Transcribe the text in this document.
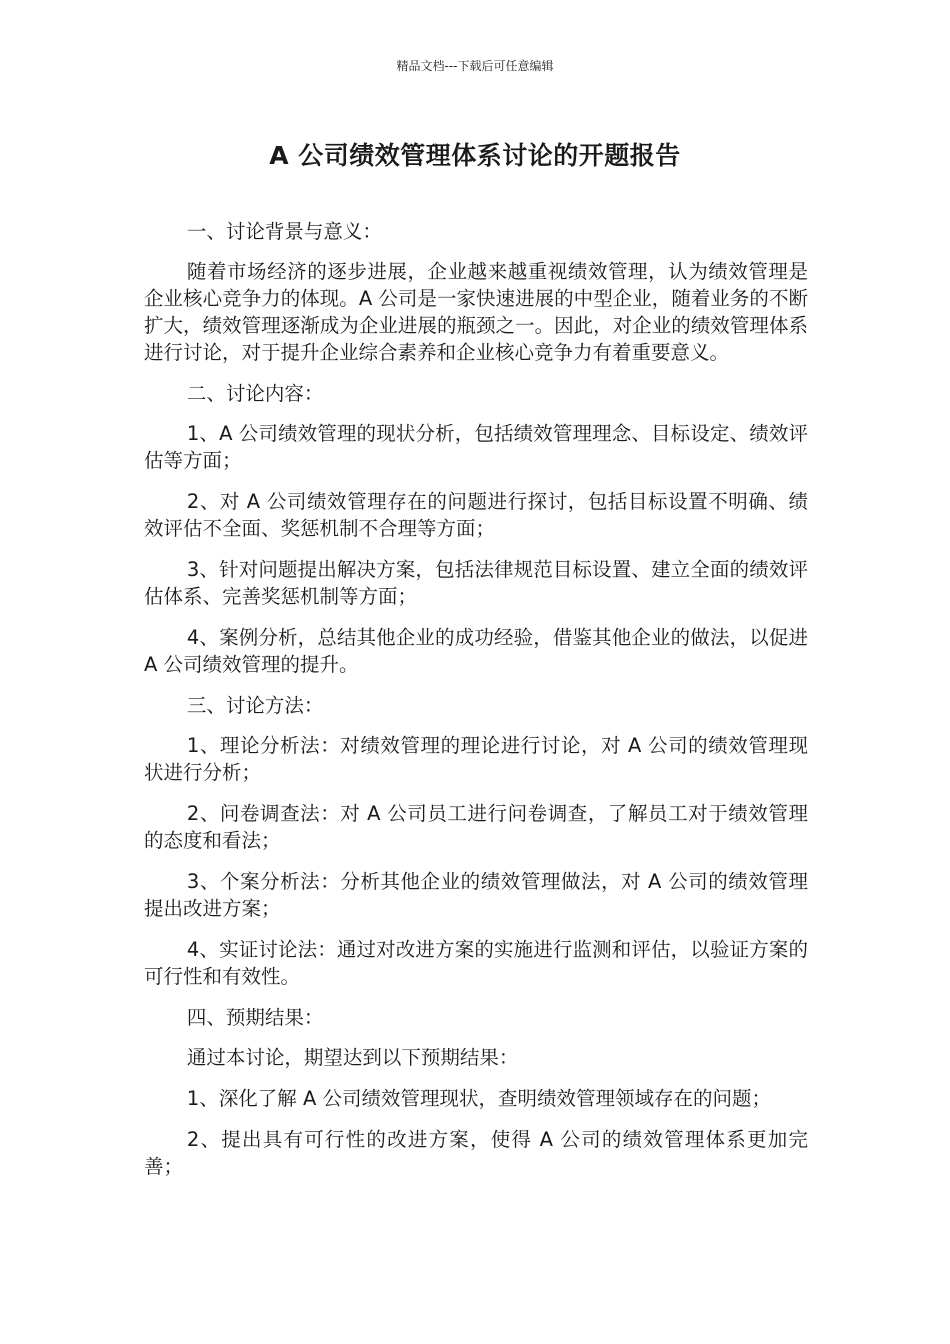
精品文档---下载后可任意编辑
A 公司绩效管理体系讨论的开题报告

一、讨论背景与意义：

随着市场经济的逐步进展，企业越来越重视绩效管理，认为绩效管理是企业核心竞争力的体现。A 公司是一家快速进展的中型企业，随着业务的不断扩大，绩效管理逐渐成为企业进展的瓶颈之一。因此，对企业的绩效管理体系进行讨论，对于提升企业综合素养和企业核心竞争力有着重要意义。

二、讨论内容：

1、A 公司绩效管理的现状分析，包括绩效管理理念、目标设定、绩效评估等方面；

2、对 A 公司绩效管理存在的问题进行探讨，包括目标设置不明确、绩效评估不全面、奖惩机制不合理等方面；

3、针对问题提出解决方案，包括法律规范目标设置、建立全面的绩效评估体系、完善奖惩机制等方面；

4、案例分析，总结其他企业的成功经验，借鉴其他企业的做法，以促进 A 公司绩效管理的提升。

三、讨论方法：

1、理论分析法：对绩效管理的理论进行讨论，对 A 公司的绩效管理现状进行分析；

2、问卷调查法：对 A 公司员工进行问卷调查，了解员工对于绩效管理的态度和看法；

3、个案分析法：分析其他企业的绩效管理做法，对 A 公司的绩效管理提出改进方案；

4、实证讨论法：通过对改进方案的实施进行监测和评估，以验证方案的可行性和有效性。

四、预期结果：

通过本讨论，期望达到以下预期结果：

1、深化了解 A 公司绩效管理现状，查明绩效管理领域存在的问题；

2、提出具有可行性的改进方案，使得 A 公司的绩效管理体系更加完善；
